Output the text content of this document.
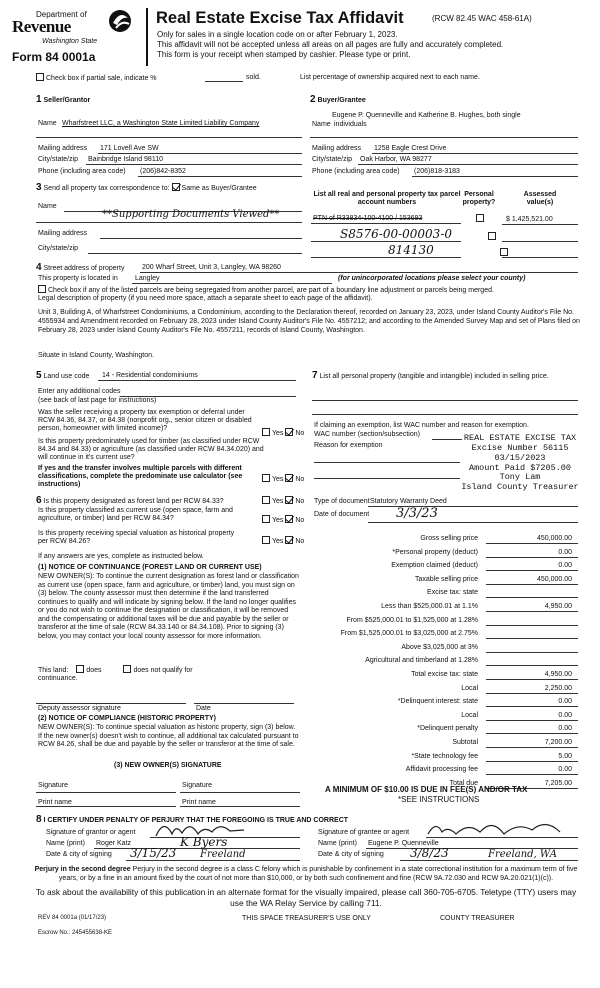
Department of
Revenue
Washington State
Form 84 0001a
Real Estate Excise Tax Affidavit	(RCW 82.45 WAC 458-61A)
Only for sales in a single location code on or after February 1, 2023.
This affidavit will not be accepted unless all areas on all pages are fully and accurately completed.
This form is your receipt when stamped by cashier. Please type or print.
Check box if partial sale, indicate %	sold.	List percentage of ownership acquired next to each name.
1 Seller/Grantor
Name Wharfstreet LLC, a Washington State Limited Liability Company
Mailing address 171 Lovell Ave SW
City/state/zip Bainbridge Island 98110
Phone (including area code) (206)842-8352
2 Buyer/Grantee
Eugene P. Quenneville and Katherine B. Hughes, both single
Name individuals
Mailing address 1258 Eagle Crest Drive
City/state/zip Oak Harbor, WA 98277
Phone (including area code) (206)818-3183
3 Send all property tax correspondence to: Same as Buyer/Grantee
Name
**Supporting Documents Viewed**
Mailing address
City/state/zip
List all real and personal property tax parcel account numbers
Personal property?
Assessed value(s)
PTN of R33834-100-4100 / 153693
	$ 1,425,521.00
S8576-00-00003-0

814130
4 Street address of property	200 Wharf Street, Unit 3, Langley, WA 98260
This property is located in Langley	(for unincorporated locations please select your county)
Check box if any of the listed parcels are being segregated from another parcel, are part of a boundary line adjustment or parcels being merged.
Legal description of property (if you need more space, attach a separate sheet to each page of the affidavit).
Unit 3, Building A, of Wharfstreet Condominiums, a Condominium, according to the Declaration thereof, recorded on January 23, 2023, under Island County Auditor's File No. 4555934 and Amendment recorded on February 28, 2023 under Island County Auditor's File No. 4557212; and according to the Amended Survey Map and set of Plans filed on February 28, 2023 under Island County Auditor's File No. 4557211, records of Island County, Washington.
Situate in Island County, Washington.
5 Land use code 14 - Residential condominiums
Enter any additional codes
(see back of last page for instructions)
Was the seller receiving a property tax exemption or deferral under RCW 84.36, 84.37, or 84.38 (nonprofit org., senior citizen or disabled person, homeowner with limited income)?
Yes No
Is this property predominately used for timber (as classified under RCW 84.34 and 84.33) or agriculture (as classified under RCW 84.34.020) and will continue in it's current use?
If yes and the transfer involves multiple parcels with different classifications, complete the predominate use calculator (see instructions)
Yes No
7 List all personal property (tangible and intangible) included in selling price.
If claiming an exemption, list WAC number and reason for exemption.
WAC number (section/subsection)
Reason for exemption
REAL ESTATE EXCISE TAX
Excise Number 56115
03/15/2023
Amount Paid $7205.00
Tony Lam
Island County Treasurer
6 Is this property designated as forest land per RCW 84.33?	Yes No
Is this property classified as current use (open space, farm and agriculture, or timber) land per RCW 84.34?	Yes No
Is this property receiving special valuation as historical property per RCW 84.26?	Yes No
If any answers are yes, complete as instructed below.
(1) NOTICE OF CONTINUANCE (FOREST LAND OR CURRENT USE)
NEW OWNER(S): To continue the current designation as forest land or classification as current use (open space, farm and agriculture, or timber) land, you must sign on (3) below. The county assessor must then determine if the land transferred continues to qualify and will indicate by signing below. If the land no longer qualifies or you do not wish to continue the designation or classification, it will be removed and the compensating or additional taxes will be due and payable by the seller or transferor at the time of sale (RCW 84.33.140 or 84.34.108). Prior to signing (3) below, you may contact your local county assessor for more information.
This land:	does	does not qualify for
continuance.
Deputy assessor signature	Date
(2) NOTICE OF COMPLIANCE (HISTORIC PROPERTY)
NEW OWNER(S): To continue special valuation as historic property, sign (3) below. If the new owner(s) doesn't wish to continue, all additional tax calculated pursuant to RCW 84.26, shall be due and payable by the seller or transferor at the time of sale.
(3) NEW OWNER(S) SIGNATURE
Signature	Signature
Print name	Print name
Type of document Statutory Warranty Deed
Date of document 3/3/23
Gross selling price	450,000.00
*Personal property (deduct)	0.00
Exemption claimed (deduct)	0.00
Taxable selling price	450,000.00
Excise tax: state
Less than $525,000.01 at 1.1%	4,950.00
From $525,000.01 to $1,525,000 at 1.28%
From $1,525,000.01 to $3,025,000 at 2.75%
Above $3,025,000 at 3%
Agricultural and timberland at 1.28%
Total excise tax: state	4,950.00
Local	2,250.00
*Delinquent interest: state	0.00
Local	0.00
*Delinquent penalty	0.00
Subtotal	7,200.00
*State technology fee	5.00
Affidavit processing fee	0.00
Total due	7,205.00
A MINIMUM OF $10.00 IS DUE IN FEE(S) AND/OR TAX
*SEE INSTRUCTIONS
8 I CERTIFY UNDER PENALTY OF PERJURY THAT THE FOREGOING IS TRUE AND CORRECT
Signature of grantor or agent
Name (print) Roger Katz	K Byers
Date & city of signing 3/15/23 Freeland
Signature of grantee or agent
Name (print) Eugene P. Quenneville
Date & city of signing 3/8/23	Freeland, WA
Perjury in the second degree Perjury in the second degree is a class C felony which is punishable by confinement in a state correctional institution for a maximum term of five years, or by a fine in an amount fixed by the court of not more than $10,000, or by both such confinement and fine (RCW 9A.72.030 and RCW 9A.20.021(1)(c)).
To ask about the availability of this publication in an alternate format for the visually impaired, please call 360-705-6705. Teletype (TTY) users may use the WA Relay Service by calling 711.
REV 84 0001a (01/17/23)	THIS SPACE TREASURER'S USE ONLY	COUNTY TREASURER
Escrow No.: 245455638-KE
